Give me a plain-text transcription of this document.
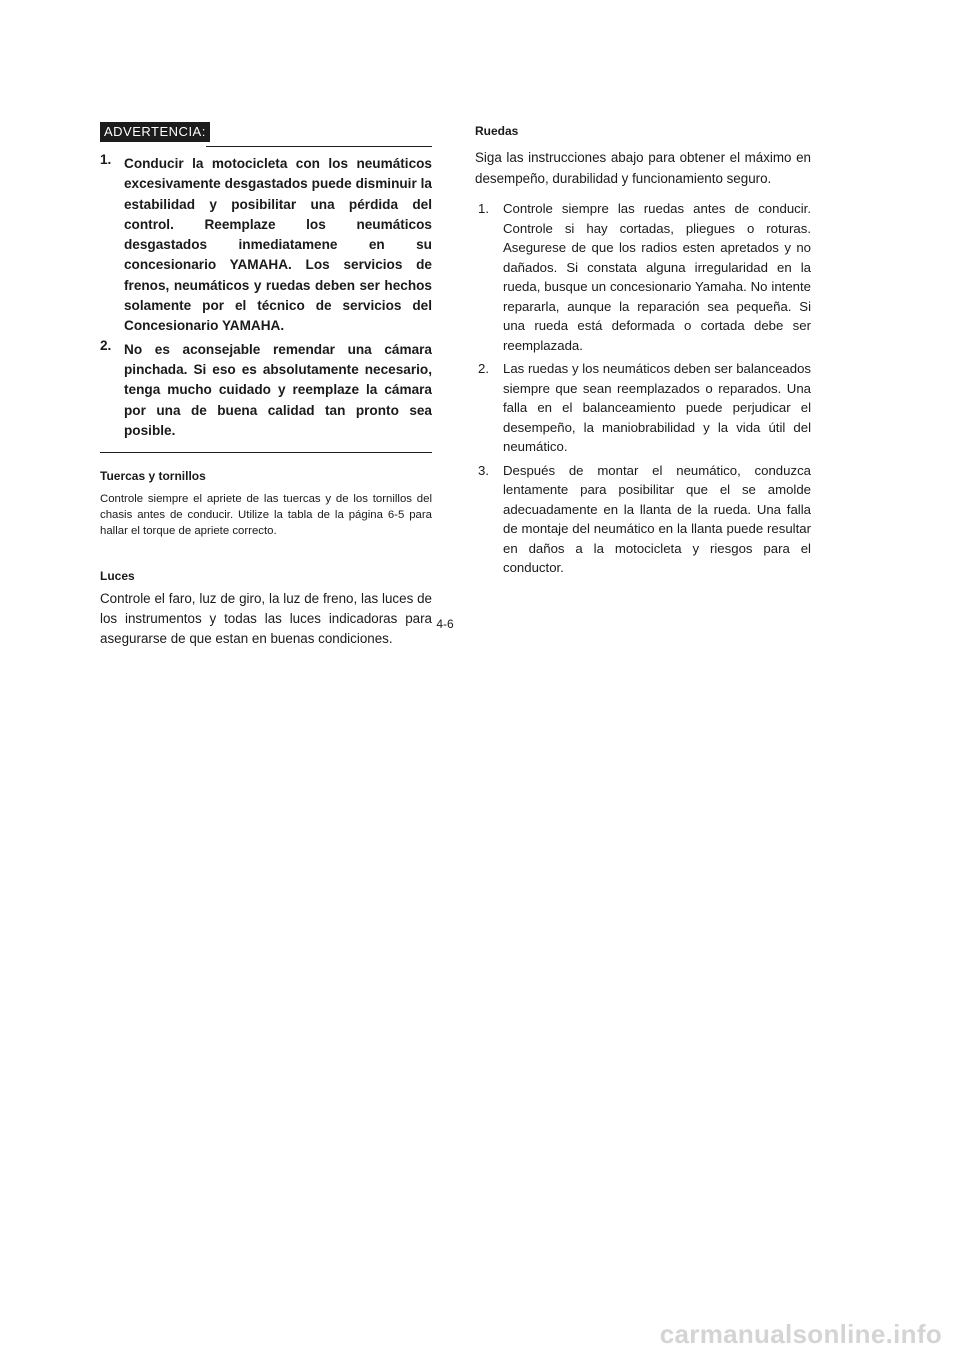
ADVERTENCIA:
1. Conducir la motocicleta con los neumáticos excesivamente desgastados puede disminuir la estabilidad y posibilitar una pérdida del control. Reemplaze los neumáticos desgastados inmediatamene en su concesionario YAMAHA. Los servicios de frenos, neumáticos y ruedas deben ser hechos solamente por el técnico de servicios del Concesionario YAMAHA.
2. No es aconsejable remendar una cámara pinchada. Si eso es absolutamente necesario, tenga mucho cuidado y reemplaze la cámara por una de buena calidad tan pronto sea posible.
Tuercas y tornillos

Controle siempre el apriete de las tuercas y de los tornillos del chasis antes de conducir. Utilize la tabla de la página 6-5 para hallar el torque de apriete correcto.

Luces

Controle el faro, luz de giro, la luz de freno, las luces de los instrumentos y todas las luces indicadoras para asegurarse de que estan en buenas condiciones.

Ruedas

Siga las instrucciones abajo para obtener el máximo en desempeño, durabilidad y funcionamiento seguro.

1. Controle siempre las ruedas antes de conducir. Controle si hay cortadas, pliegues o roturas. Asegurese de que los radios esten apretados y no dañados. Si constata alguna irregularidad en la rueda, busque un concesionario Yamaha. No intente repararla, aunque la reparación sea pequeña. Si una rueda está deformada o cortada debe ser reemplazada.
2. Las ruedas y los neumáticos deben ser balanceados siempre que sean reemplazados o reparados. Una falla en el balanceamiento puede perjudicar el desempeño, la maniobrabilidad y la vida útil del neumático.
3. Después de montar el neumático, conduzca lentamente para posibilitar que el se amolde adecuadamente en la llanta de la rueda. Una falla de montaje del neumático en la llanta puede resultar en daños a la motocicleta y riesgos para el conductor.
4-6
carmanualsonline.info
